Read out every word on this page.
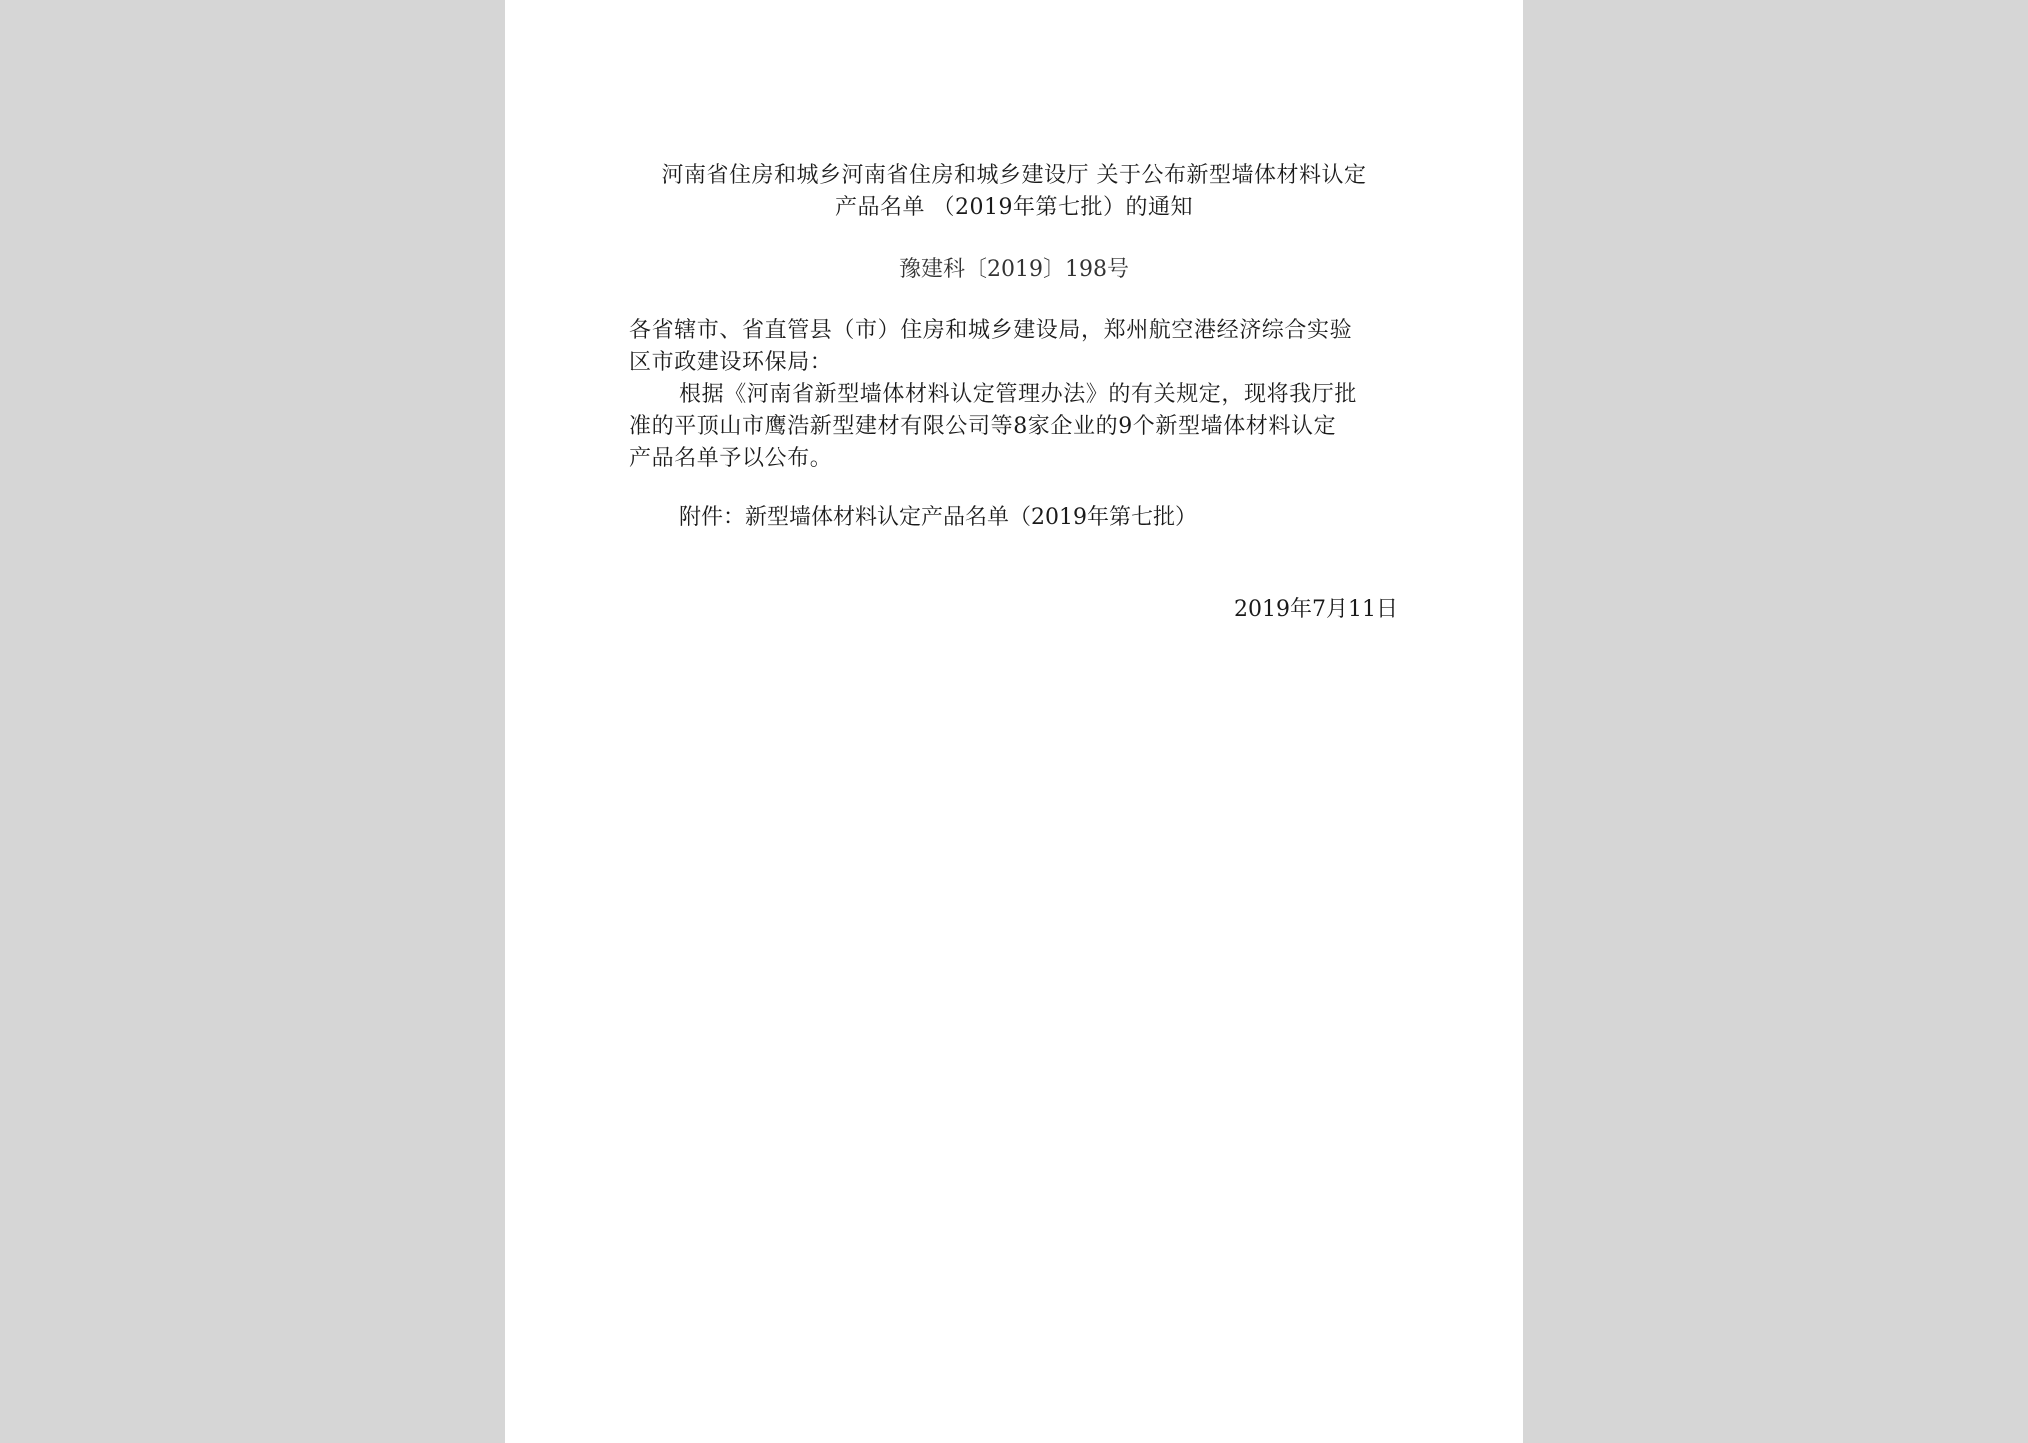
河南省住房和城乡河南省住房和城乡建设厅 关于公布新型墙体材料认定
产品名单 （2019年第七批）的通知
豫建科〔2019〕198号
各省辖市、省直管县（市）住房和城乡建设局，郑州航空港经济综合实验
区市政建设环保局：
根据《河南省新型墙体材料认定管理办法》的有关规定，现将我厅批
准的平顶山市鹰浩新型建材有限公司等8家企业的9个新型墙体材料认定
产品名单予以公布。
附件：新型墙体材料认定产品名单（2019年第七批）
2019年7月11日
